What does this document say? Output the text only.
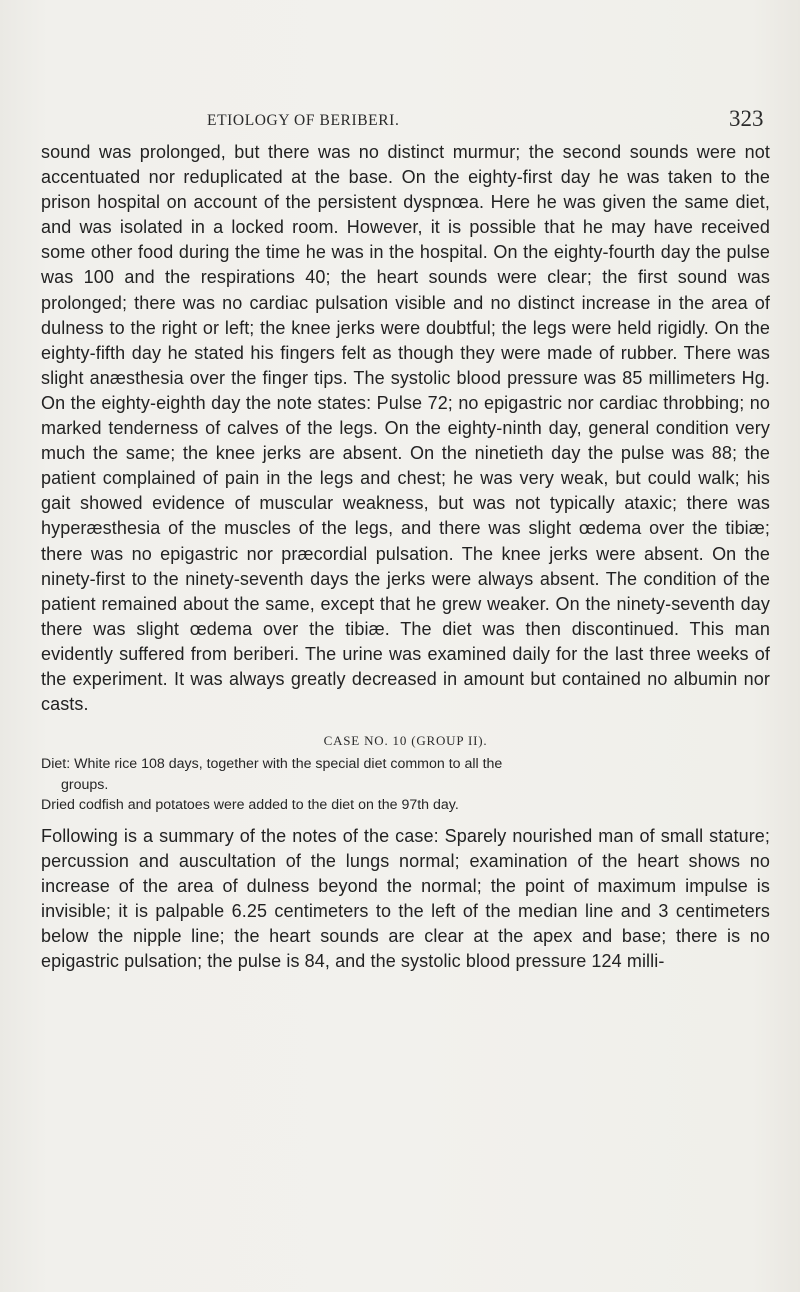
ETIOLOGY OF BERIBERI.	323

sound was prolonged, but there was no distinct murmur; the second sounds were not accentuated nor reduplicated at the base. On the eighty-first day he was taken to the prison hospital on account of the persistent dyspnœa. Here he was given the same diet, and was isolated in a locked room. However, it is possible that he may have received some other food during the time he was in the hospital. On the eighty-fourth day the pulse was 100 and the respirations 40; the heart sounds were clear; the first sound was prolonged; there was no cardiac pulsation visible and no distinct increase in the area of dulness to the right or left; the knee jerks were doubtful; the legs were held rigidly. On the eighty-fifth day he stated his fingers felt as though they were made of rubber. There was slight anæsthesia over the finger tips. The systolic blood pressure was 85 millimeters Hg. On the eighty-eighth day the note states: Pulse 72; no epigastric nor cardiac throbbing; no marked tenderness of calves of the legs. On the eighty-ninth day, general condition very much the same; the knee jerks are absent. On the ninetieth day the pulse was 88; the patient complained of pain in the legs and chest; he was very weak, but could walk; his gait showed evidence of muscular weakness, but was not typically ataxic; there was hyperæsthesia of the muscles of the legs, and there was slight œdema over the tibiæ; there was no epigastric nor præcordial pulsation. The knee jerks were absent. On the ninety-first to the ninety-seventh days the jerks were always absent. The condition of the patient remained about the same, except that he grew weaker. On the ninety-seventh day there was slight œdema over the tibiæ. The diet was then discontinued. This man evidently suffered from beriberi. The urine was examined daily for the last three weeks of the experiment. It was always greatly decreased in amount but contained no albumin nor casts.

CASE NO. 10 (GROUP II).

Diet: White rice 108 days, together with the special diet common to all the

groups.

Dried codfish and potatoes were added to the diet on the 97th day.

Following is a summary of the notes of the case: Sparely nourished man of small stature; percussion and auscultation of the lungs normal; examination of the heart shows no increase of the area of dulness beyond the normal; the point of maximum impulse is invisible; it is palpable 6.25 centimeters to the left of the median line and 3 centimeters below the nipple line; the heart sounds are clear at the apex and base; there is no epigastric pulsation; the pulse is 84, and the systolic blood pressure 124 milli-
